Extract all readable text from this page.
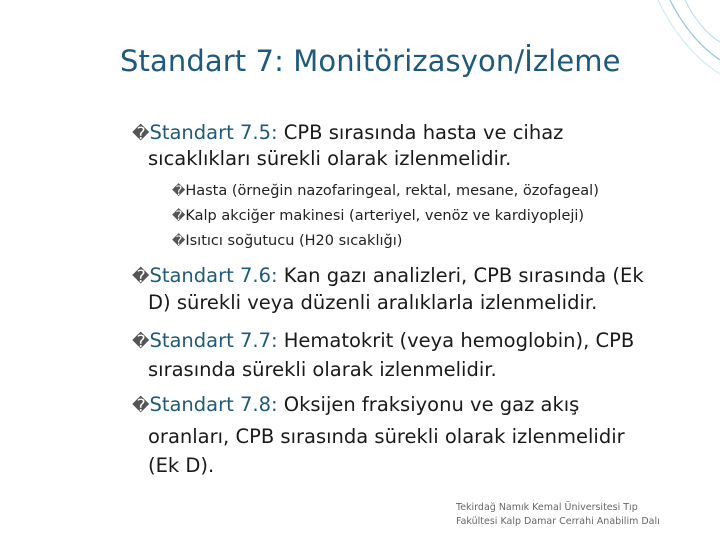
Standart 7: Monitörizasyon/İzleme
�Standart 7.5: CPB sırasında hasta ve cihaz
sıcaklıkları sürekli olarak izlenmelidir.
�Hasta (örneğin nazofaringeal, rektal, mesane, özofageal)
�Kalp akciğer makinesi (arteriyel, venöz ve kardiyopleji)
�Isıtıcı soğutucu (H20 sıcaklığı)
�Standart 7.6: Kan gazı analizleri, CPB sırasında (Ek
D) sürekli veya düzenli aralıklarla izlenmelidir.
�Standart 7.7: Hematokrit (veya hemoglobin), CPB
sırasında sürekli olarak izlenmelidir.
�Standart 7.8: Oksijen fraksiyonu ve gaz akış
oranları, CPB sırasında sürekli olarak izlenmelidir
(Ek D).
Tekirdağ Namık Kemal Üniversitesi Tıp
Fakültesi Kalp Damar Cerrahi Anabilim Dalı
